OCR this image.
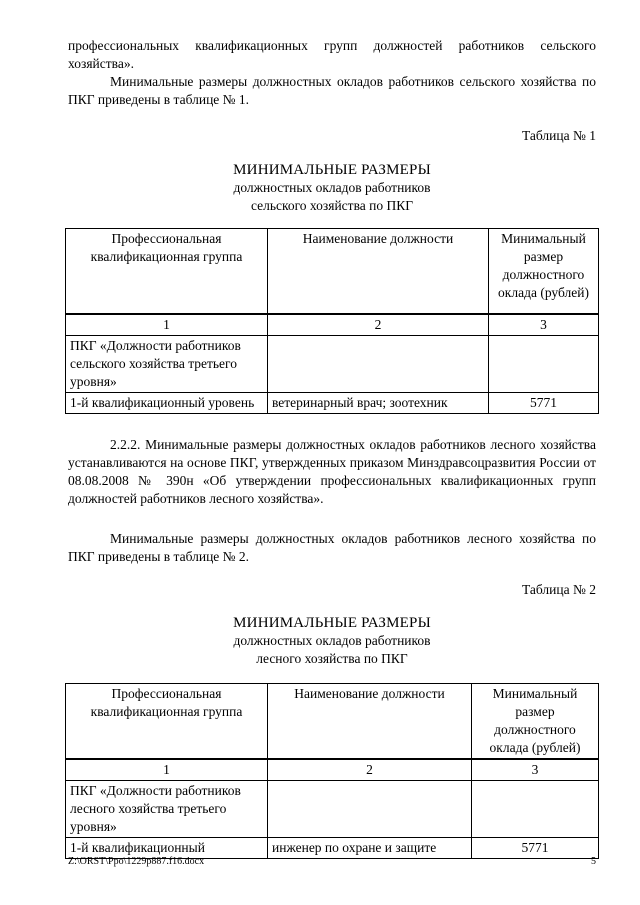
профессиональных квалификационных групп должностей работников сельского хозяйства».

Минимальные размеры должностных окладов работников сельского хозяйства по ПКГ приведены в таблице № 1.

Таблица № 1

МИНИМАЛЬНЫЕ РАЗМЕРЫ
должностных окладов работников
сельского хозяйства по ПКГ
Профессиональная квалификационная группа	Наименование должности	Минимальный размер должностного оклада (рублей)
1	2	3
ПКГ «Должности работников сельского хозяйства третьего уровня»		
1-й квалификационный уровень	ветеринарный врач; зоотехник	5771

2.2.2. Минимальные размеры должностных окладов работников лесного хозяйства устанавливаются на основе ПКГ, утвержденных приказом Минздравсоцразвития России от 08.08.2008 № 390н «Об утверждении профессиональных квалификационных групп должностей работников лесного хозяйства».

Минимальные размеры должностных окладов работников лесного хозяйства по ПКГ приведены в таблице № 2.

Таблица № 2

МИНИМАЛЬНЫЕ РАЗМЕРЫ
должностных окладов работников
лесного хозяйства по ПКГ
Профессиональная квалификационная группа	Наименование должности	Минимальный размер должностного оклада (рублей)
1	2	3
ПКГ «Должности работников лесного хозяйства третьего уровня»		
1-й квалификационный	инженер по охране и защите	5771
Z:\ORST\Ppo\1229p887.f16.docx	5
